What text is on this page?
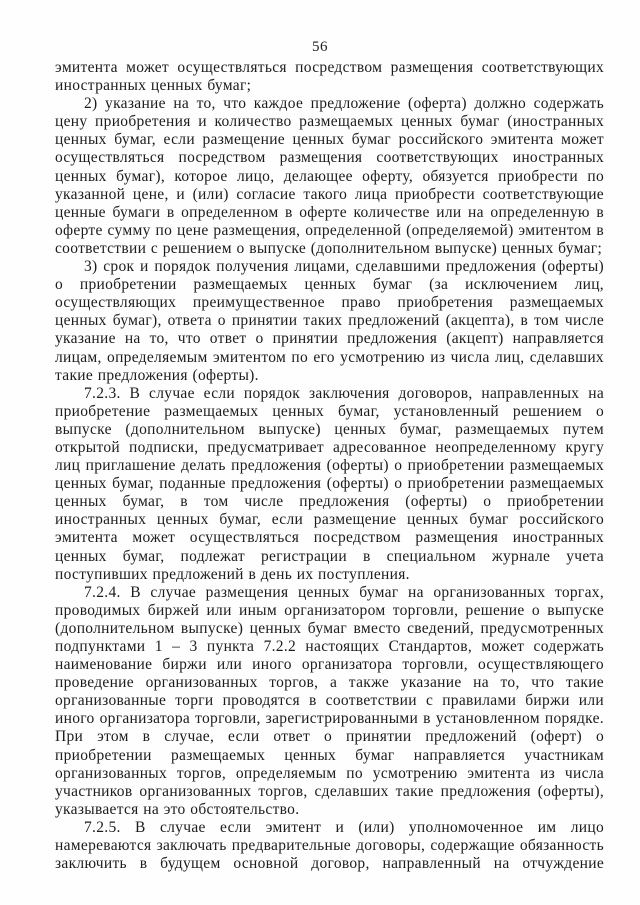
56

эмитента может осуществляться посредством размещения соответствующих иностранных ценных бумаг;

2) указание на то, что каждое предложение (оферта) должно содержать цену приобретения и количество размещаемых ценных бумаг (иностранных ценных бумаг, если размещение ценных бумаг российского эмитента может осуществляться посредством размещения соответствующих иностранных ценных бумаг), которое лицо, делающее оферту, обязуется приобрести по указанной цене, и (или) согласие такого лица приобрести соответствующие ценные бумаги в определенном в оферте количестве или на определенную в оферте сумму по цене размещения, определенной (определяемой) эмитентом в соответствии с решением о выпуске (дополнительном выпуске) ценных бумаг;

3) срок и порядок получения лицами, сделавшими предложения (оферты) о приобретении размещаемых ценных бумаг (за исключением лиц, осуществляющих преимущественное право приобретения размещаемых ценных бумаг), ответа о принятии таких предложений (акцепта), в том числе указание на то, что ответ о принятии предложения (акцепт) направляется лицам, определяемым эмитентом по его усмотрению из числа лиц, сделавших такие предложения (оферты).

7.2.3. В случае если порядок заключения договоров, направленных на приобретение размещаемых ценных бумаг, установленный решением о выпуске (дополнительном выпуске) ценных бумаг, размещаемых путем открытой подписки, предусматривает адресованное неопределенному кругу лиц приглашение делать предложения (оферты) о приобретении размещаемых ценных бумаг, поданные предложения (оферты) о приобретении размещаемых ценных бумаг, в том числе предложения (оферты) о приобретении иностранных ценных бумаг, если размещение ценных бумаг российского эмитента может осуществляться посредством размещения иностранных ценных бумаг, подлежат регистрации в специальном журнале учета поступивших предложений в день их поступления.

7.2.4. В случае размещения ценных бумаг на организованных торгах, проводимых биржей или иным организатором торговли, решение о выпуске (дополнительном выпуске) ценных бумаг вместо сведений, предусмотренных подпунктами 1 – 3 пункта 7.2.2 настоящих Стандартов, может содержать наименование биржи или иного организатора торговли, осуществляющего проведение организованных торгов, а также указание на то, что такие организованные торги проводятся в соответствии с правилами биржи или иного организатора торговли, зарегистрированными в установленном порядке. При этом в случае, если ответ о принятии предложений (оферт) о приобретении размещаемых ценных бумаг направляется участникам организованных торгов, определяемым по усмотрению эмитента из числа участников организованных торгов, сделавших такие предложения (оферты), указывается на это обстоятельство.

7.2.5. В случае если эмитент и (или) уполномоченное им лицо намереваются заключать предварительные договоры, содержащие обязанность заключить в будущем основной договор, направленный на отчуждение
